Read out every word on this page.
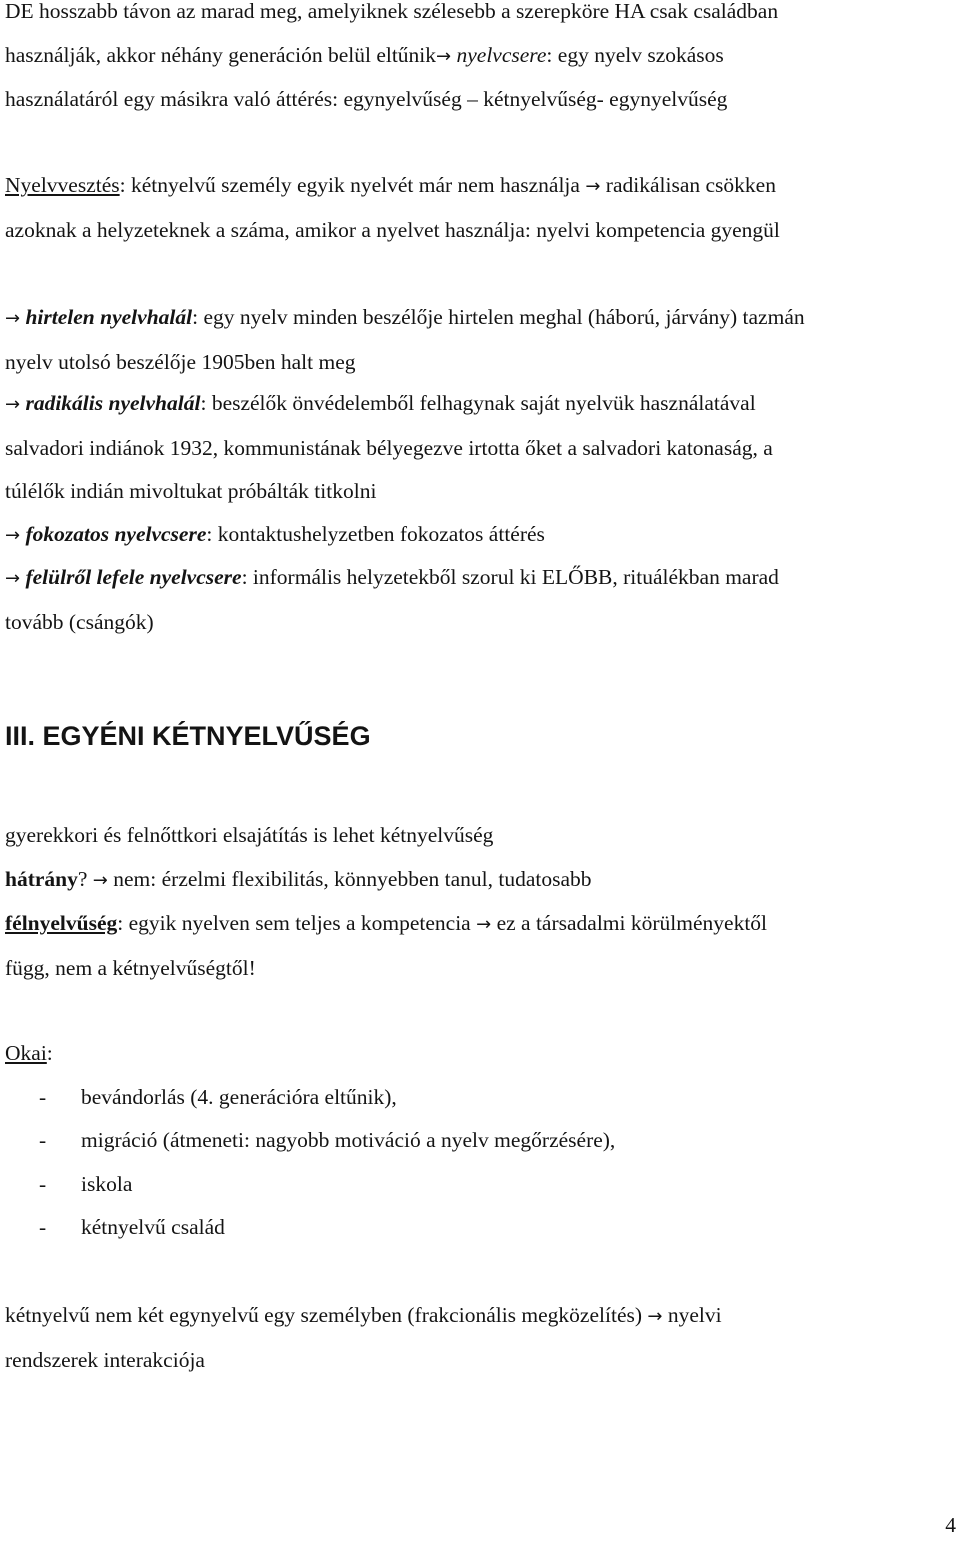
DE hosszabb távon az marad meg, amelyiknek szélesebb a szerepköre HA csak családban
használják, akkor néhány generáción belül eltűnik→ nyelvcsere: egy nyelv szokásos
használatáról egy másikra való áttérés: egynyelvűség – kétnyelvűség- egynyelvűség

Nyelvvesztés: kétnyelvű személy egyik nyelvét már nem használja → radikálisan csökken
azoknak a helyzeteknek a száma, amikor a nyelvet használja: nyelvi kompetencia gyengül

→ hirtelen nyelvhalál: egy nyelv minden beszélője hirtelen meghal (háború, járvány) tazmán
nyelv utolsó beszélője 1905ben halt meg

→ radikális nyelvhalál: beszélők önvédelemből felhagynak saját nyelvük használatával
salvadori indiánok 1932, kommunistának bélyegezve irtotta őket a salvadori katonaság, a
túlélők indián mivoltukat próbálták titkolni

→ fokozatos nyelvcsere: kontaktushelyzetben fokozatos áttérés

→ felülről lefele nyelvcsere: informális helyzetekből szorul ki ELŐBB, rituálékban marad
tovább (csángók)

III. EGYÉNI KÉTNYELVŰSÉG

gyerekkori és felnőttkori elsajátítás is lehet kétnyelvűség
hátrány? → nem: érzelmi flexibilitás, könnyebben tanul, tudatosabb
félnyelvűség: egyik nyelven sem teljes a kompetencia → ez a társadalmi körülményektől
függ, nem a kétnyelvűségtől!

Okai:
- bevándorlás (4. generációra eltűnik),
- migráció (átmeneti: nagyobb motiváció a nyelv megőrzésére),
- iskola
- kétnyelvű család

kétnyelvű nem két egynyelvű egy személyben (frakcionális megközelítés) → nyelvi
rendszerek interakciója

4
